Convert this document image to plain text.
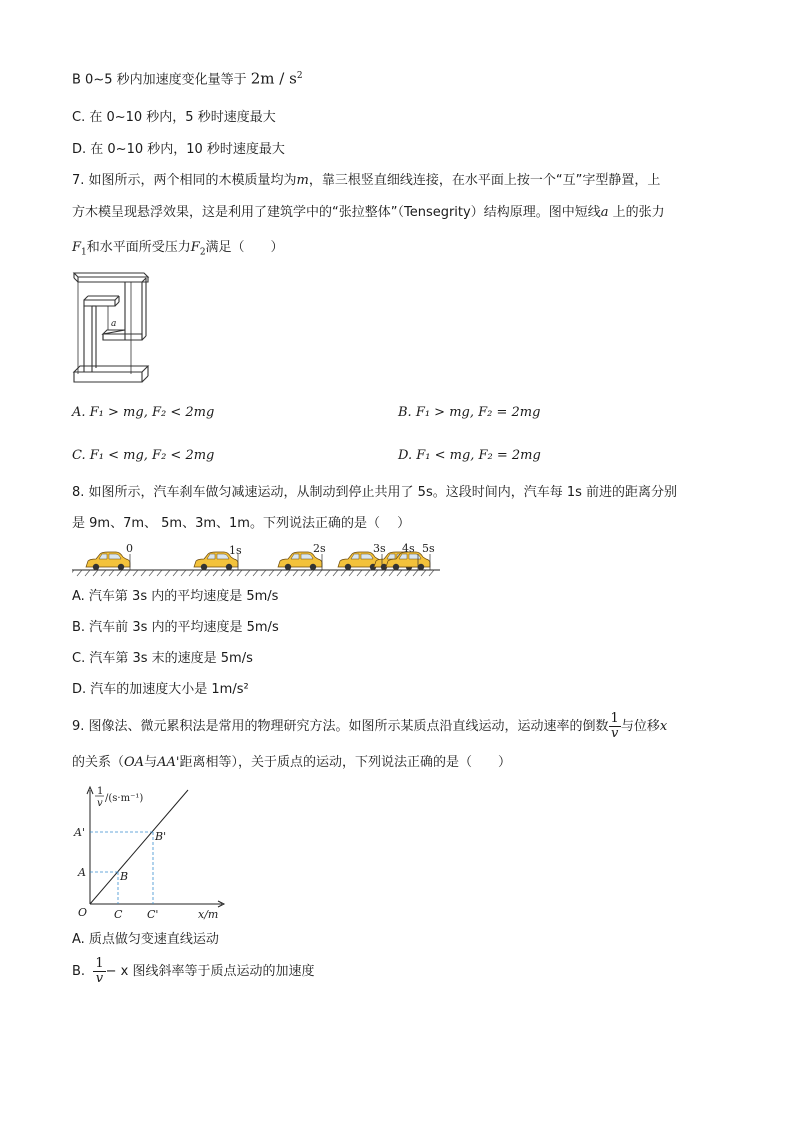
B 0~5 秒内加速度变化量等于 $2m / s^2$
C. 在 0~10 秒内，5 秒时速度最大
D. 在 0~10 秒内，10 秒时速度最大
7. 如图所示，两个相同的木模质量均为m，靠三根竖直细线连接，在水平面上按一个“互”字型静置，上
方木模呈现悬浮效果，这是利用了建筑学中的“张拉整体”（Tensegrity）结构原理。图中短线a 上的张力
$F_1$和水平面所受压力$F_2$满足（　　）
a
A. F₁ > mg, F₂ < 2mg	B. F₁ > mg, F₂ = 2mg
C. F₁ < mg, F₂ < 2mg	D. F₁ < mg, F₂ = 2mg
8. 如图所示，汽车刹车做匀减速运动，从制动到停止共用了 5s。这段时间内，汽车每 1s 前进的距离分别
是 9m、7m、 5m、3m、1m。下列说法正确的是（　 ）
0	1s	2s	3s 4s 5s
A. 汽车第 3s 内的平均速度是 5m/s
B. 汽车前 3s 内的平均速度是 5m/s
C. 汽车第 3s 末的速度是 5m/s
D. 汽车的加速度大小是 1m/s²
9. 图像法、微元累积法是常用的物理研究方法。如图所示某质点沿直线运动，运动速率的倒数 $\frac{1}{v}$ 与位移x
的关系（OA与AA'距离相等），关于质点的运动，下列说法正确的是（　　）
1
v /(s·m⁻¹)
x/m
O
A
A'
B
B'
C C'
A. 质点做匀变速直线运动
B. $\frac{1}{v} - x$ 图线斜率等于质点运动的加速度
